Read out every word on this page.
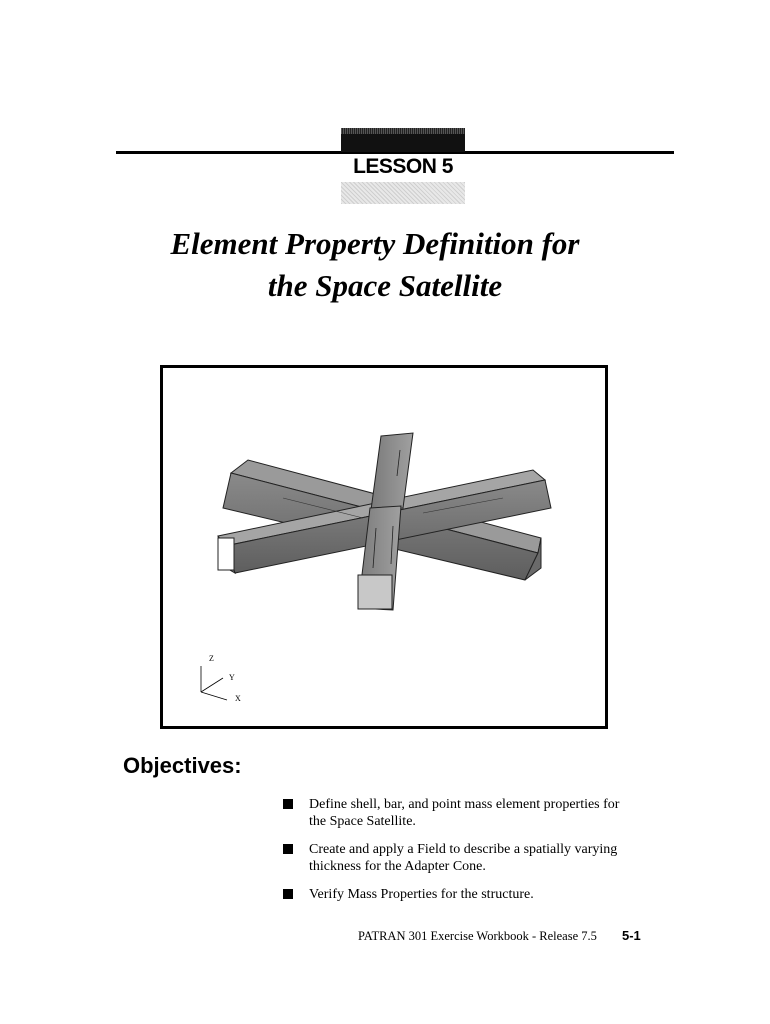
LESSON 5
Element Property Definition for
the Space Satellite
Z
Y
X
Objectives:
Define shell, bar, and point mass element properties for
the Space Satellite.
Create and apply a Field to describe a spatially varying
thickness for the Adapter Cone.
Verify Mass Properties for the structure.
PATRAN 301 Exercise Workbook - Release 7.5 5-1
